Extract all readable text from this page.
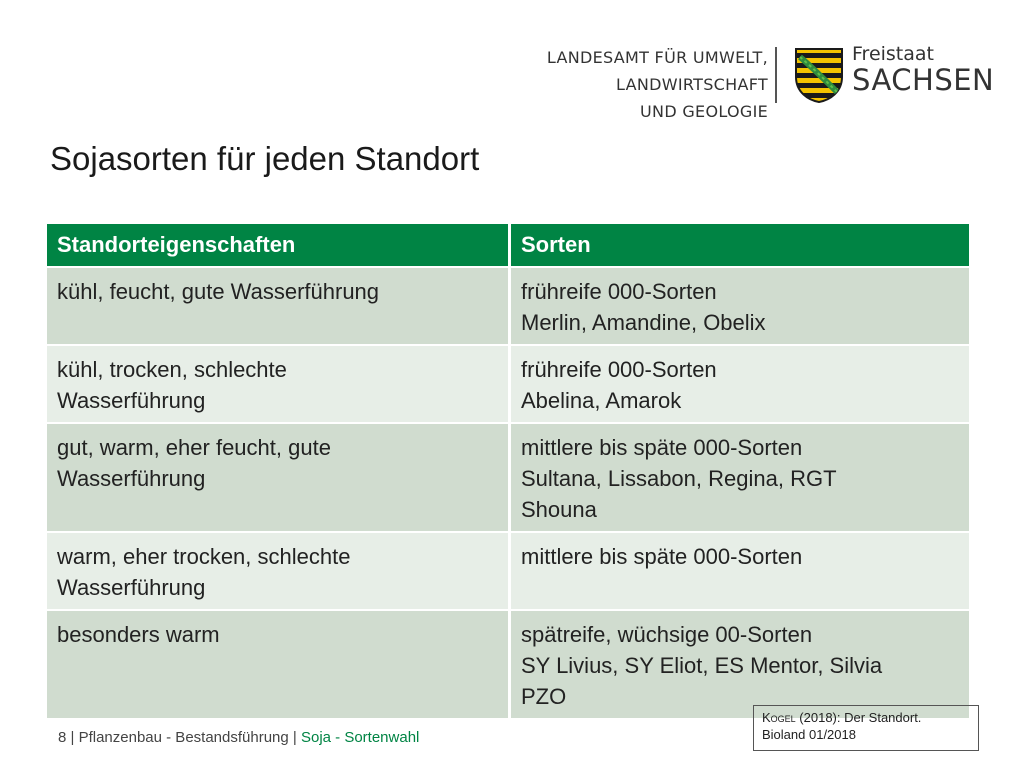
LANDESAMT FÜR UMWELT,
LANDWIRTSCHAFT
UND GEOLOGIE
Freistaat
SACHSEN
Sojasorten für jeden Standort
Standorteigenschaften	Sorten

kühl, feucht, gute Wasserführung	frühreife 000-Sorten
Merlin, Amandine, Obelix

kühl, trocken, schlechte
Wasserführung	frühreife 000-Sorten
Abelina, Amarok

gut, warm, eher feucht, gute
Wasserführung	mittlere bis späte 000-Sorten
Sultana, Lissabon, Regina, RGT
Shouna

warm, eher trocken, schlechte
Wasserführung	mittlere bis späte 000-Sorten

besonders warm	spätreife, wüchsige 00-Sorten
SY Livius, SY Eliot, ES Mentor, Silvia
PZO
8 | Pflanzenbau - Bestandsführung | Soja - Sortenwahl
Kogel (2018): Der Standort.
Bioland 01/2018
